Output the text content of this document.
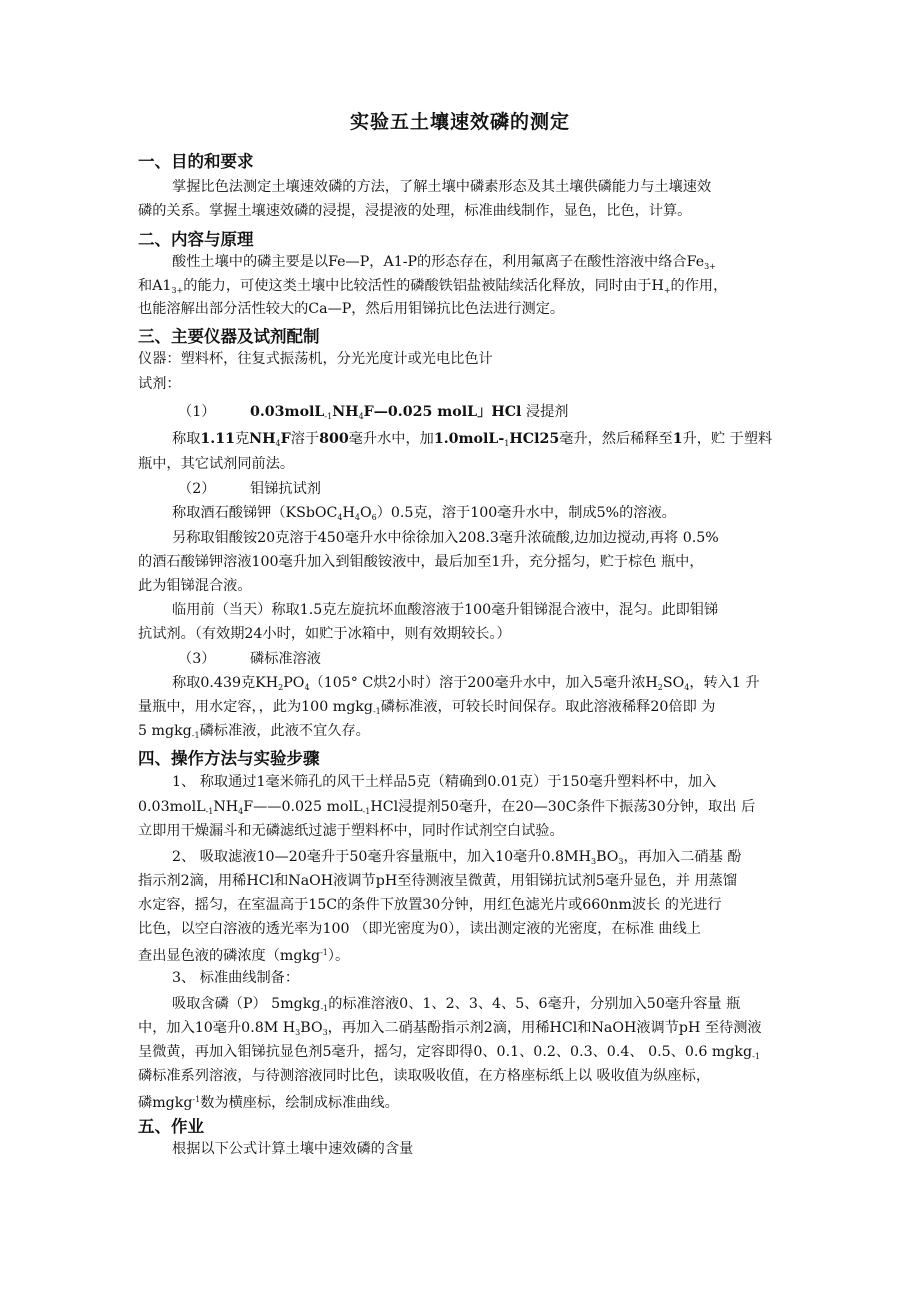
实验五土壤速效磷的测定
一、目的和要求
掌握比色法测定土壤速效磷的方法，了解土壤中磷素形态及其土壤供磷能力与土壤速效
磷的关系。掌握土壤速效磷的浸提，浸提液的处理，标准曲线制作，显色，比色，计算。
二、内容与原理
酸性土壤中的磷主要是以Fe—P，A1-P的形态存在，利用氟离子在酸性溶液中络合$Fe_{3+}$
和$A1_{3+}$的能力，可使这类土壤中比较活性的磷酸铁铝盐被陆续活化释放，同时由于$H_+$的作用，
也能溶解出部分活性较大的Ca—P，然后用钼锑抗比色法进行测定。
三、主要仪器及试剂配制
仪器：塑料杯，往复式振荡机，分光光度计或光电比色计
试剂：
（1） $0.03molL_{-1}NH_4F—0.025$ molL」HCl 浸提剂
称取1.11克$NH_4F$溶于800毫升水中，加$1.0molL-_1HCl25$毫升，然后稀释至1升，贮 于塑料
瓶中，其它试剂同前法。
（2） 钼锑抗试剂
称取酒石酸锑钾$(KSbOC_4H_4O_6)0.5$克，溶于100毫升水中，制成5%的溶液。
另称取钼酸铵20克溶于450毫升水中徐徐加入208.3毫升浓硫酸,边加边搅动,再将 0.5%
的酒石酸锑钾溶液100毫升加入到钼酸铵液中，最后加至1升，充分摇匀，贮于棕色 瓶中，
此为钼锑混合液。
临用前（当天）称取1.5克左旋抗坏血酸溶液于100毫升钼锑混合液中，混匀。此即钼锑
抗试剂。（有效期24小时，如贮于冰箱中，则有效期较长。）
（3） 磷标准溶液
称取0.439克$KH_2PO_4(105^\circ$ C烘2小时）溶于200毫升水中，加入5毫升浓$H_2SO_4$，转入1 升
量瓶中，用水定容，，此为100 mgkg$_{-1}$磷标准液，可较长时间保存。取此溶液稀释20倍即 为
5 mgkg$_{-1}$磷标准液，此液不宜久存。
四、操作方法与实验步骤
1、 称取通过1毫米筛孔的风干土样品5克（精确到0.01克）于150毫升塑料杯中，加入
$0.03molL_{-1}NH_4F——0.025$ molL$_{-1}$HCl浸提剂50毫升，在20—30C条件下振荡30分钟，取出 后
立即用干燥漏斗和无磷滤纸过滤于塑料杯中，同时作试剂空白试验。
2、 吸取滤液10—20毫升于50毫升容量瓶中，加入10毫升$0.8MH_3BO_3$，再加入二硝基 酚
指示剂2滴，用稀HCl和NaOH液调节pH至待测液呈微黄，用钼锑抗试剂5毫升显色，并 用蒸馏
水定容，摇匀，在室温高于15C的条件下放置30分钟，用红色滤光片或660nm波长 的光进行
比色，以空白溶液的透光率为100 （即光密度为0），读出测定液的光密度，在标准 曲线上
查出显色液的磷浓度（mgkg$^{-1}$）。
3、 标准曲线制备：
吸取含磷（P） 5mgkg$_{-1}$的标准溶液0、1、2、3、4、5、6毫升，分别加入50毫升容量 瓶
中，加入10毫升0.8M $H_3BO_3$，再加入二硝基酚指示剂2滴，用稀HCl和NaOH液调节pH 至待测液
呈微黄，再加入钼锑抗显色剂5毫升，摇匀，定容即得0、0.1、0.2、0.3、0.4、 0.5、0.6 mgkg$_{-1}$
磷标准系列溶液，与待测溶液同时比色，读取吸收值，在方格座标纸上以 吸收值为纵座标，
磷mgkg$^{-1}$数为横座标，绘制成标准曲线。
五、作业
根据以下公式计算土壤中速效磷的含量
